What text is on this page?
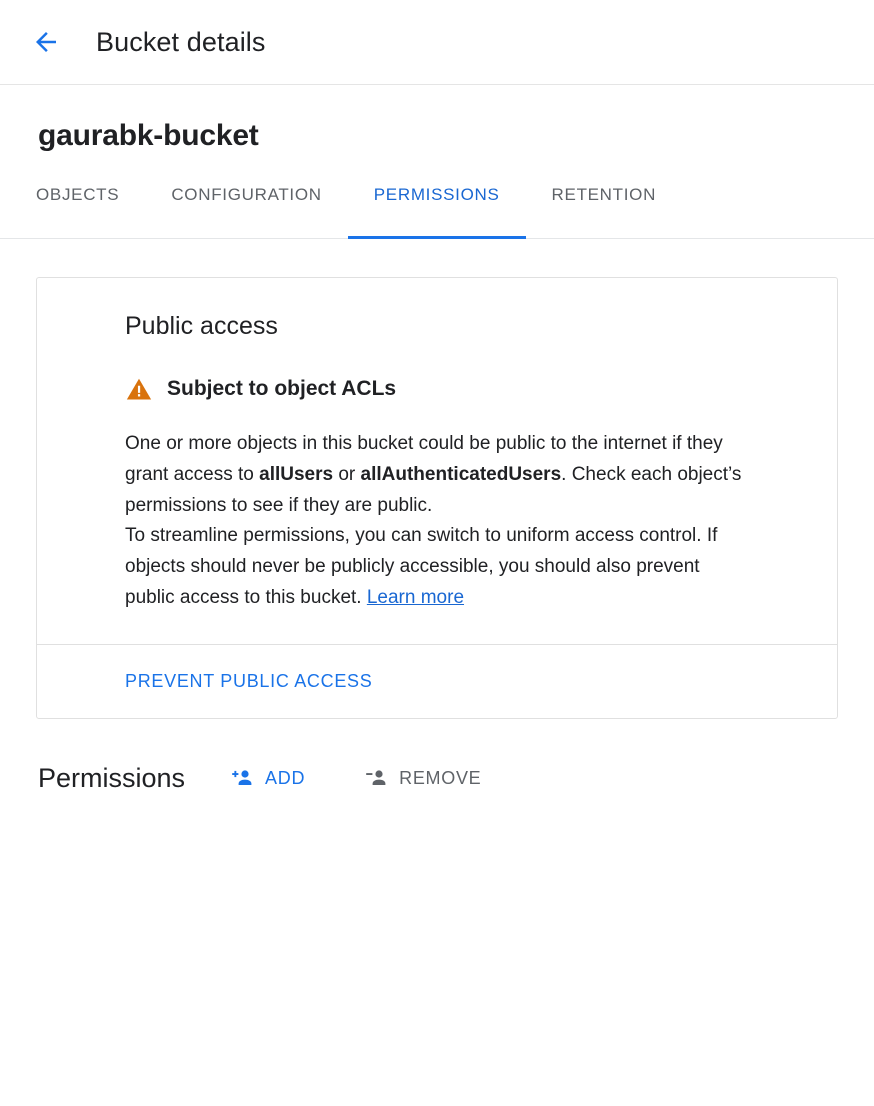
Bucket details
gaurabk-bucket
OBJECTS	CONFIGURATION	PERMISSIONS	RETENTION
Public access
Subject to object ACLs

One or more objects in this bucket could be public to the internet if they grant access to allUsers or allAuthenticatedUsers. Check each object’s permissions to see if they are public.

To streamline permissions, you can switch to uniform access control. If objects should never be publicly accessible, you should also prevent public access to this bucket. Learn more

PREVENT PUBLIC ACCESS
Permissions	ADD	REMOVE
